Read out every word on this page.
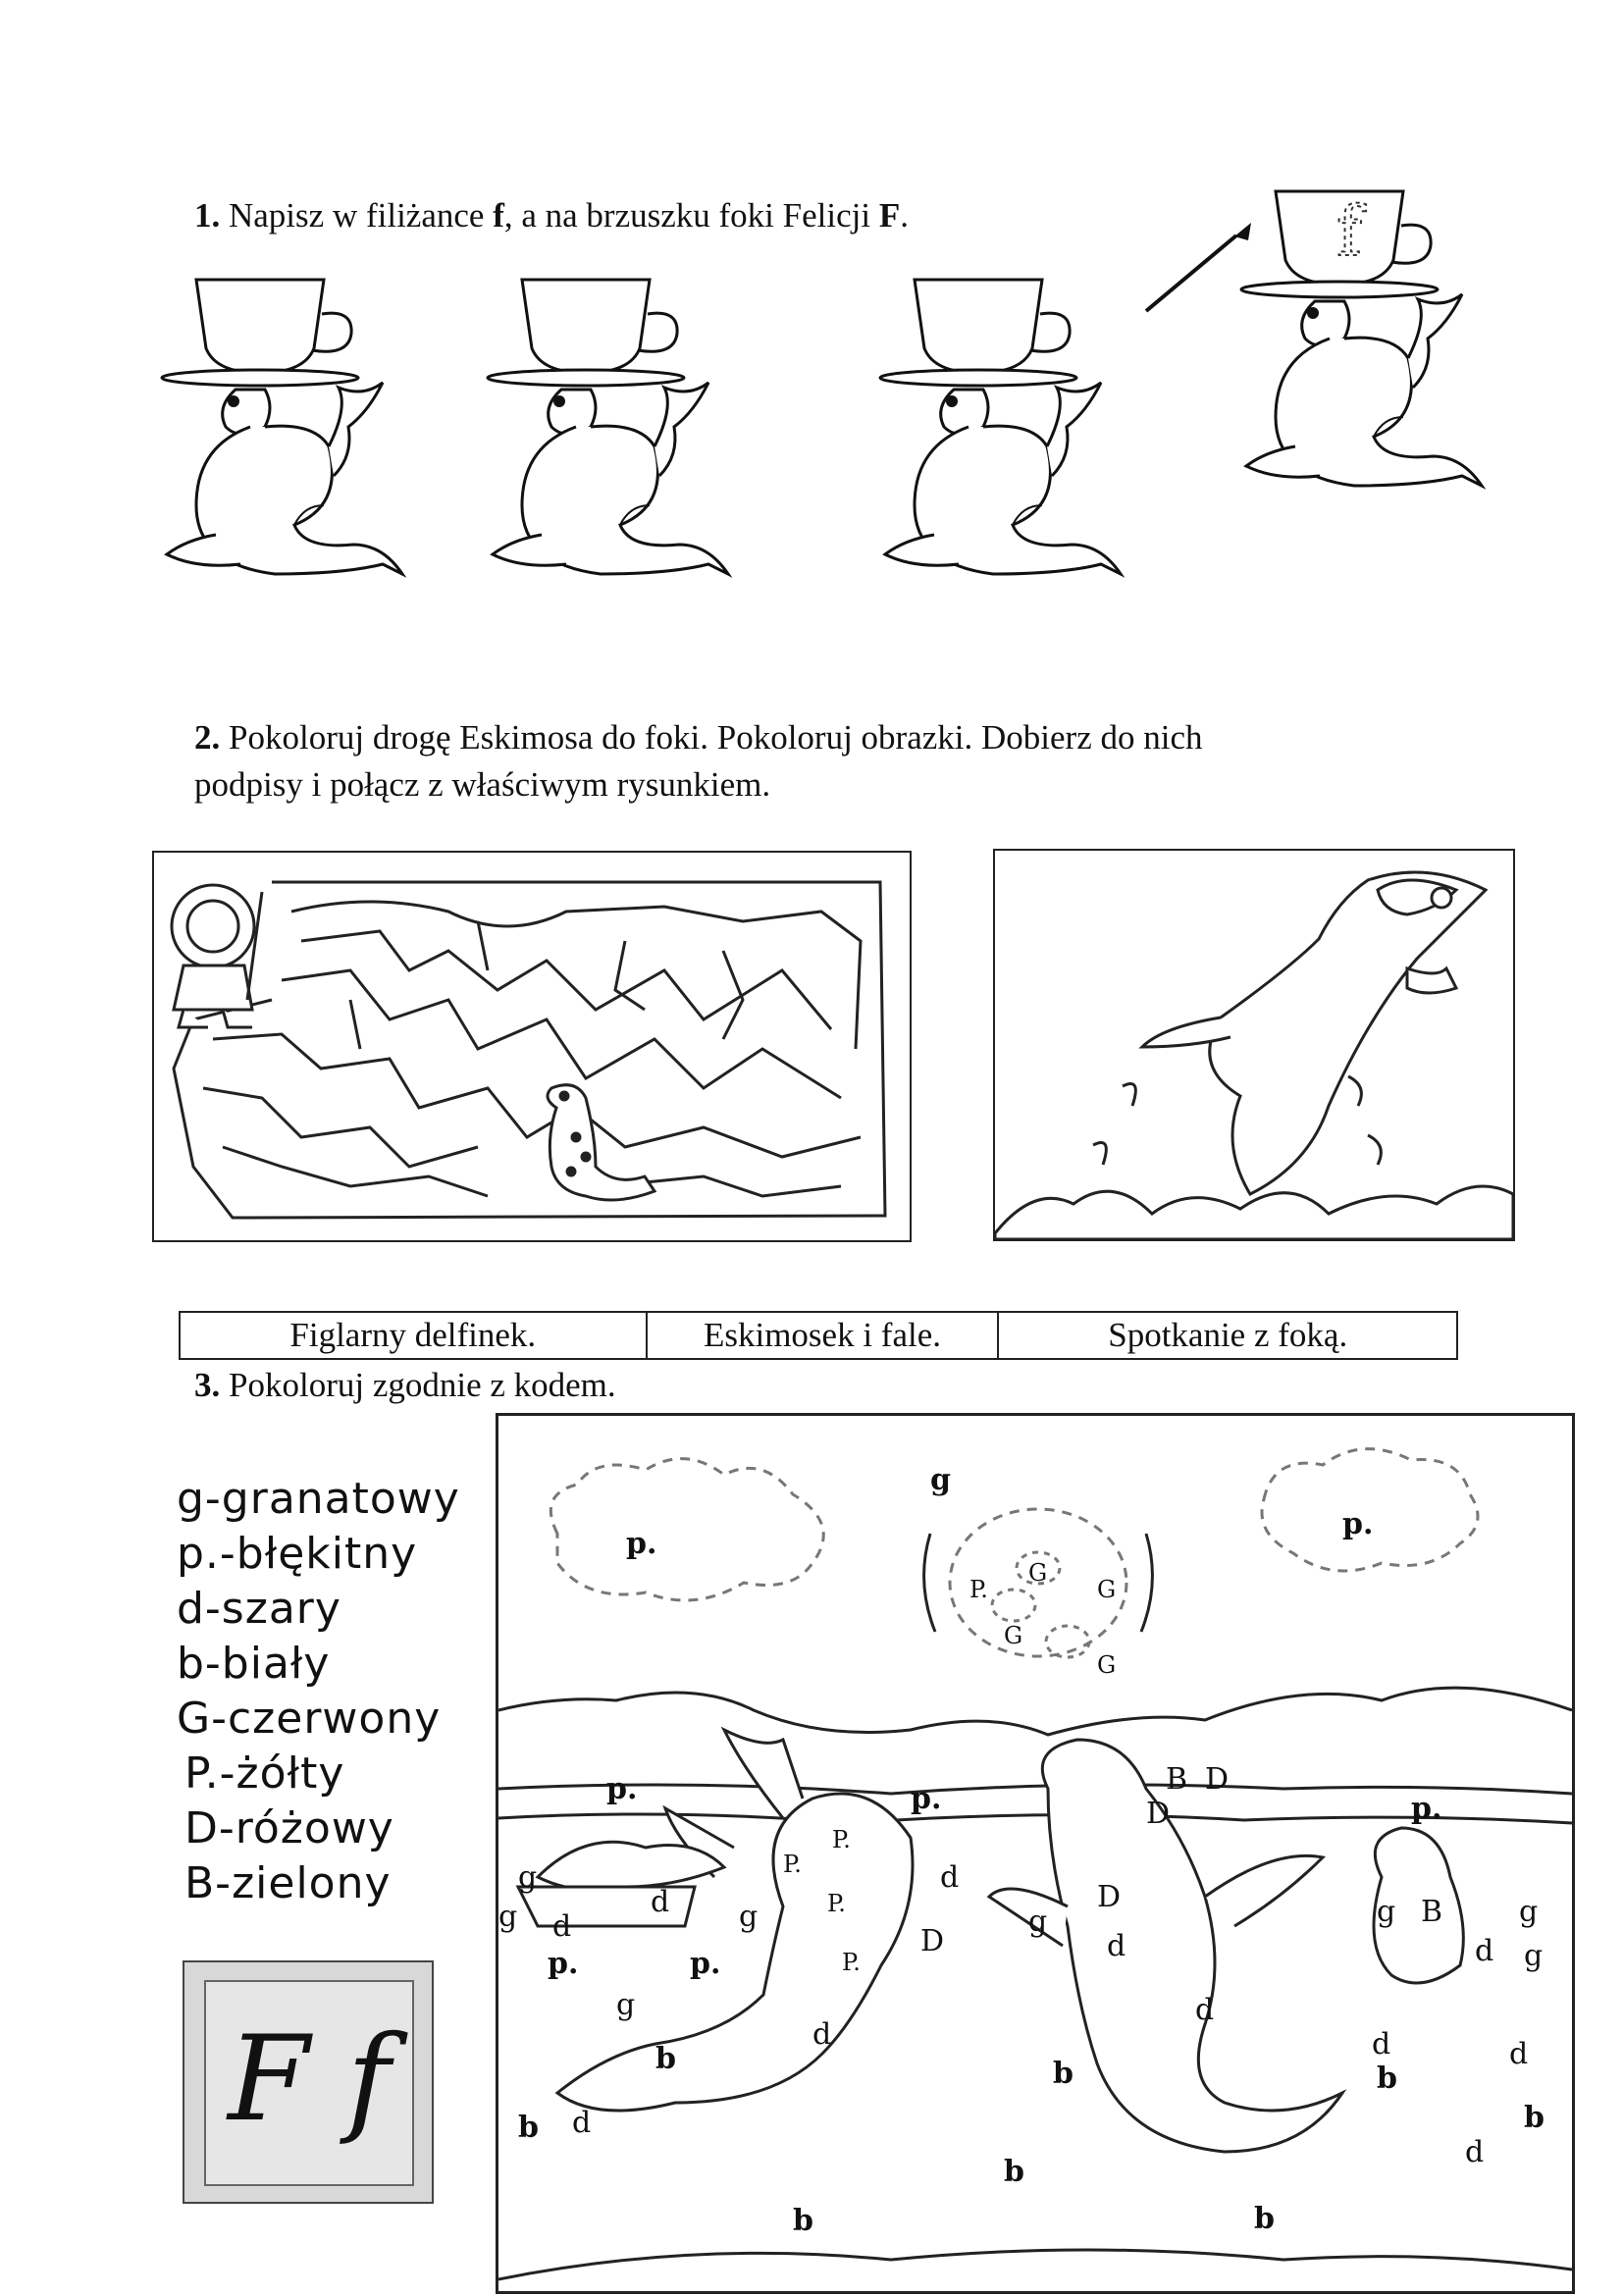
1. Napisz w filiżance f, a na brzuszku foki Felicji F.	f
2. Pokoloruj drogę Eskimosa do foki. Pokoloruj obrazki. Dobierz do nich
podpisy i połącz z właściwym rysunkiem.
Figlarny delfinek.	Eskimosek i fale.	Spotkanie z foką.
3. Pokoloruj zgodnie z kodem.
g-granatowy
p.-błękitny
d-szary
b-biały
G-czerwony
P.-żółty
D-różowy
B-zielony
F f
g
p.
p.
P.
G
G
G
G
p.	p.	p.
g
g	d
d
p.	p.
g
g
P.
P.
P.
P.
d
D
d
g
d
B D
D
D
d
g B	g
g
d
d	d
b
b
d
b	b
b d
b
b	b
